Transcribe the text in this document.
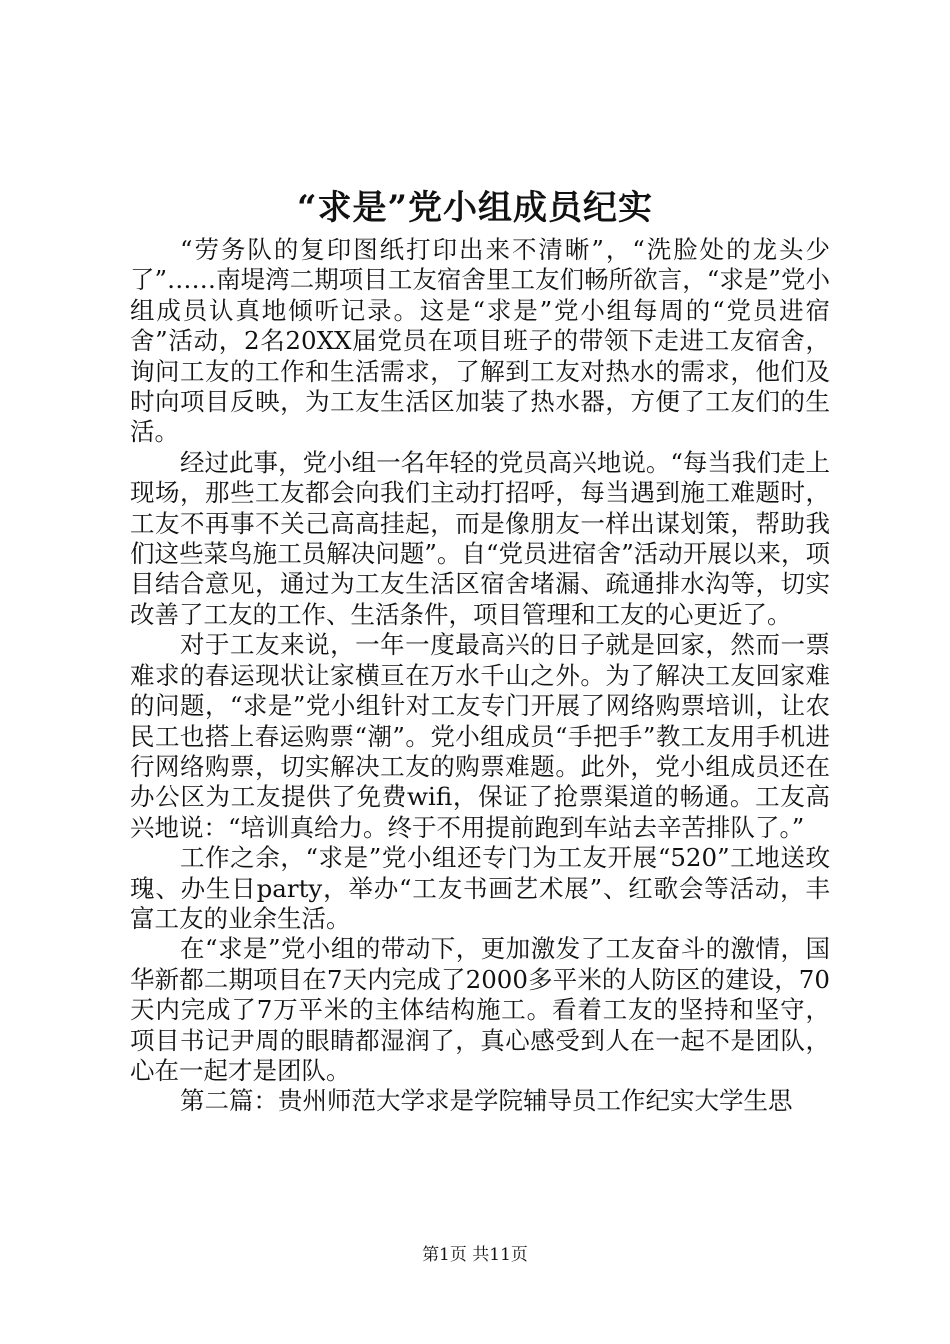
“求是”党小组成员纪实

“劳务队的复印图纸打印出来不清晰”，“洗脸处的龙头少了”……南堤湾二期项目工友宿舍里工友们畅所欲言，“求是”党小组成员认真地倾听记录。这是“求是”党小组每周的“党员进宿舍”活动，2名20XX届党员在项目班子的带领下走进工友宿舍，询问工友的工作和生活需求，了解到工友对热水的需求，他们及时向项目反映，为工友生活区加装了热水器，方便了工友们的生活。

经过此事，党小组一名年轻的党员高兴地说。“每当我们走上现场，那些工友都会向我们主动打招呼，每当遇到施工难题时，工友不再事不关己高高挂起，而是像朋友一样出谋划策，帮助我们这些菜鸟施工员解决问题”。自“党员进宿舍”活动开展以来，项目结合意见，通过为工友生活区宿舍堵漏、疏通排水沟等，切实改善了工友的工作、生活条件，项目管理和工友的心更近了。

对于工友来说，一年一度最高兴的日子就是回家，然而一票难求的春运现状让家横亘在万水千山之外。为了解决工友回家难的问题，“求是”党小组针对工友专门开展了网络购票培训，让农民工也搭上春运购票“潮”。党小组成员“手把手”教工友用手机进行网络购票，切实解决工友的购票难题。此外，党小组成员还在办公区为工友提供了免费wifi，保证了抢票渠道的畅通。工友高兴地说：“培训真给力。终于不用提前跑到车站去辛苦排队了。”

工作之余，“求是”党小组还专门为工友开展“520”工地送玫瑰、办生日party，举办“工友书画艺术展”、红歌会等活动，丰富工友的业余生活。

在“求是”党小组的带动下，更加激发了工友奋斗的激情，国华新都二期项目在7天内完成了2000多平米的人防区的建设，70天内完成了7万平米的主体结构施工。看着工友的坚持和坚守，项目书记尹周的眼睛都湿润了，真心感受到人在一起不是团队，心在一起才是团队。

第二篇：贵州师范大学求是学院辅导员工作纪实大学生思

第1页 共11页
